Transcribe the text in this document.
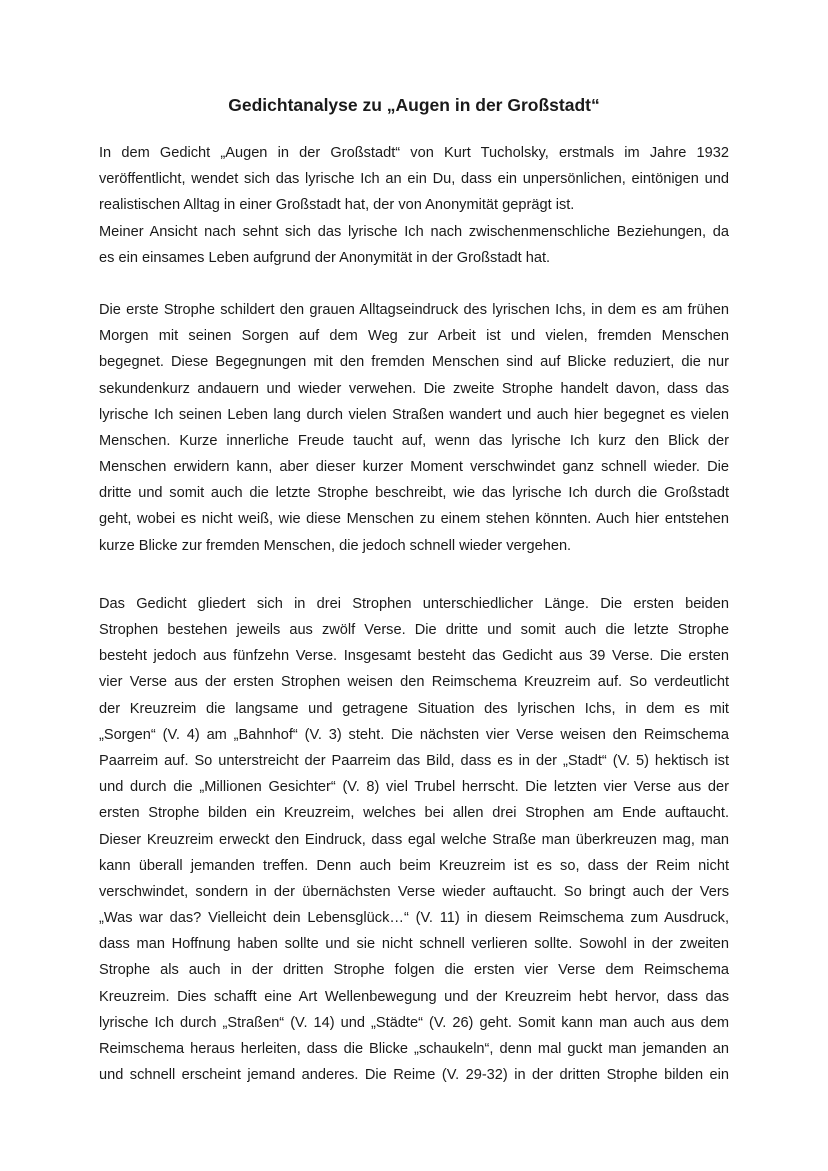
Gedichtanalyse zu „Augen in der Großstadt“
In dem Gedicht „Augen in der Großstadt“ von Kurt Tucholsky, erstmals im Jahre 1932
veröffentlicht, wendet sich das lyrische Ich an ein Du, dass ein unpersönlichen, eintönigen und
realistischen Alltag in einer Großstadt hat, der von Anonymität geprägt ist.
Meiner Ansicht nach sehnt sich das lyrische Ich nach zwischenmenschliche Beziehungen, da
es ein einsames Leben aufgrund der Anonymität in der Großstadt hat.
Die erste Strophe schildert den grauen Alltagseindruck des lyrischen Ichs, in dem es am frühen
Morgen mit seinen Sorgen auf dem Weg zur Arbeit ist und vielen, fremden Menschen
begegnet. Diese Begegnungen mit den fremden Menschen sind auf Blicke reduziert, die nur
sekundenkurz andauern und wieder verwehen. Die zweite Strophe handelt davon, dass das
lyrische Ich seinen Leben lang durch vielen Straßen wandert und auch hier begegnet es vielen
Menschen. Kurze innerliche Freude taucht auf, wenn das lyrische Ich kurz den Blick der
Menschen erwidern kann, aber dieser kurzer Moment verschwindet ganz schnell wieder. Die
dritte und somit auch die letzte Strophe beschreibt, wie das lyrische Ich durch die Großstadt
geht, wobei es nicht weiß, wie diese Menschen zu einem stehen könnten. Auch hier entstehen
kurze Blicke zur fremden Menschen, die jedoch schnell wieder vergehen.
Das Gedicht gliedert sich in drei Strophen unterschiedlicher Länge. Die ersten beiden
Strophen bestehen jeweils aus zwölf Verse. Die dritte und somit auch die letzte Strophe
besteht jedoch aus fünfzehn Verse. Insgesamt besteht das Gedicht aus 39 Verse. Die ersten
vier Verse aus der ersten Strophen weisen den Reimschema Kreuzreim auf. So verdeutlicht
der Kreuzreim die langsame und getragene Situation des lyrischen Ichs, in dem es mit
„Sorgen“ (V. 4) am „Bahnhof“ (V. 3) steht. Die nächsten vier Verse weisen den Reimschema
Paarreim auf. So unterstreicht der Paarreim das Bild, dass es in der „Stadt“ (V. 5) hektisch ist
und durch die „Millionen Gesichter“ (V. 8) viel Trubel herrscht. Die letzten vier Verse aus der
ersten Strophe bilden ein Kreuzreim, welches bei allen drei Strophen am Ende auftaucht.
Dieser Kreuzreim erweckt den Eindruck, dass egal welche Straße man überkreuzen mag, man
kann überall jemanden treffen. Denn auch beim Kreuzreim ist es so, dass der Reim nicht
verschwindet, sondern in der übernächsten Verse wieder auftaucht. So bringt auch der Vers
„Was war das? Vielleicht dein Lebensglück…“ (V. 11) in diesem Reimschema zum Ausdruck,
dass man Hoffnung haben sollte und sie nicht schnell verlieren sollte. Sowohl in der zweiten
Strophe als auch in der dritten Strophe folgen die ersten vier Verse dem Reimschema
Kreuzreim. Dies schafft eine Art Wellenbewegung und der Kreuzreim hebt hervor, dass das
lyrische Ich durch „Straßen“ (V. 14) und „Städte“ (V. 26) geht. Somit kann man auch aus dem
Reimschema heraus herleiten, dass die Blicke „schaukeln“, denn mal guckt man jemanden an
und schnell erscheint jemand anderes. Die Reime (V. 29-32) in der dritten Strophe bilden ein
